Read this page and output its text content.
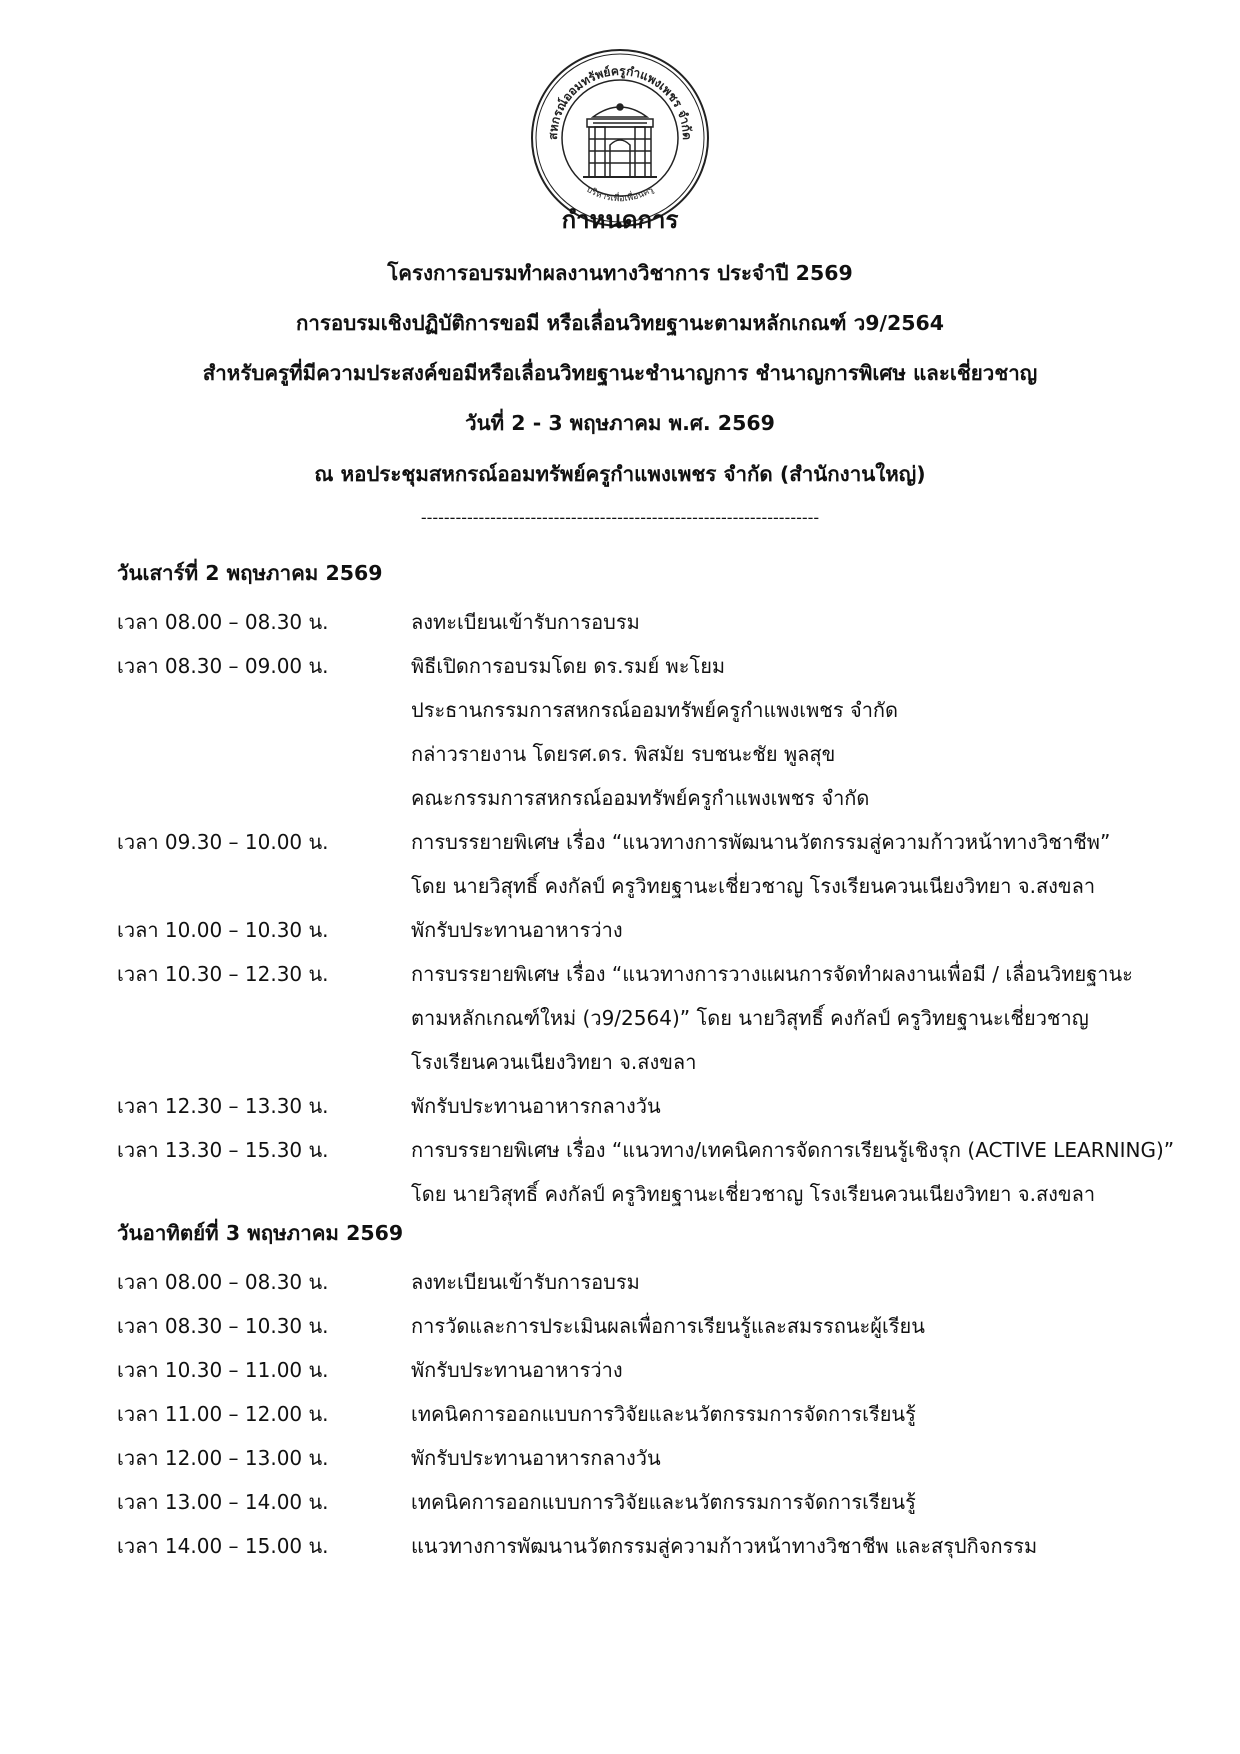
สหกรณ์ออมทรัพย์ครูกำแพงเพชร จำกัด
บริหารเพื่อเพื่อนครู
กำหนดการ
โครงการอบรมทำผลงานทางวิชาการ ประจำปี 2569
การอบรมเชิงปฏิบัติการขอมี หรือเลื่อนวิทยฐานะตามหลักเกณฑ์ ว9/2564
สำหรับครูที่มีความประสงค์ขอมีหรือเลื่อนวิทยฐานะชำนาญการ ชำนาญการพิเศษ และเชี่ยวชาญ
วันที่ 2 - 3 พฤษภาคม พ.ศ. 2569
ณ หอประชุมสหกรณ์ออมทรัพย์ครูกำแพงเพชร จำกัด (สำนักงานใหญ่)
---------------------------------------------------------------------
วันเสาร์ที่ 2 พฤษภาคม 2569
เวลา 08.00 – 08.30 น.	ลงทะเบียนเข้ารับการอบรม
เวลา 08.30 – 09.00 น.	พิธีเปิดการอบรมโดย ดร.รมย์ พะโยม
ประธานกรรมการสหกรณ์ออมทรัพย์ครูกำแพงเพชร จำกัด
กล่าวรายงาน โดยรศ.ดร. พิสมัย รบชนะชัย พูลสุข
คณะกรรมการสหกรณ์ออมทรัพย์ครูกำแพงเพชร จำกัด
เวลา 09.30 – 10.00 น.	การบรรยายพิเศษ เรื่อง “แนวทางการพัฒนานวัตกรรมสู่ความก้าวหน้าทางวิชาชีพ”
โดย นายวิสุทธิ์ คงกัลป์ ครูวิทยฐานะเชี่ยวชาญ โรงเรียนควนเนียงวิทยา จ.สงขลา
เวลา 10.00 – 10.30 น.	พักรับประทานอาหารว่าง
เวลา 10.30 – 12.30 น.	การบรรยายพิเศษ เรื่อง “แนวทางการวางแผนการจัดทำผลงานเพื่อมี / เลื่อนวิทยฐานะ
ตามหลักเกณฑ์ใหม่ (ว9/2564)” โดย นายวิสุทธิ์ คงกัลป์ ครูวิทยฐานะเชี่ยวชาญ
โรงเรียนควนเนียงวิทยา จ.สงขลา
เวลา 12.30 – 13.30 น.	พักรับประทานอาหารกลางวัน
เวลา 13.30 – 15.30 น.	การบรรยายพิเศษ เรื่อง “แนวทาง/เทคนิคการจัดการเรียนรู้เชิงรุก (ACTIVE LEARNING)”
โดย นายวิสุทธิ์ คงกัลป์ ครูวิทยฐานะเชี่ยวชาญ โรงเรียนควนเนียงวิทยา จ.สงขลา
วันอาทิตย์ที่ 3 พฤษภาคม 2569
เวลา 08.00 – 08.30 น.	ลงทะเบียนเข้ารับการอบรม
เวลา 08.30 – 10.30 น.	การวัดและการประเมินผลเพื่อการเรียนรู้และสมรรถนะผู้เรียน
เวลา 10.30 – 11.00 น.	พักรับประทานอาหารว่าง
เวลา 11.00 – 12.00 น.	เทคนิคการออกแบบการวิจัยและนวัตกรรมการจัดการเรียนรู้
เวลา 12.00 – 13.00 น.	พักรับประทานอาหารกลางวัน
เวลา 13.00 – 14.00 น.	เทคนิคการออกแบบการวิจัยและนวัตกรรมการจัดการเรียนรู้
เวลา 14.00 – 15.00 น.	แนวทางการพัฒนานวัตกรรมสู่ความก้าวหน้าทางวิชาชีพ และสรุปกิจกรรม
